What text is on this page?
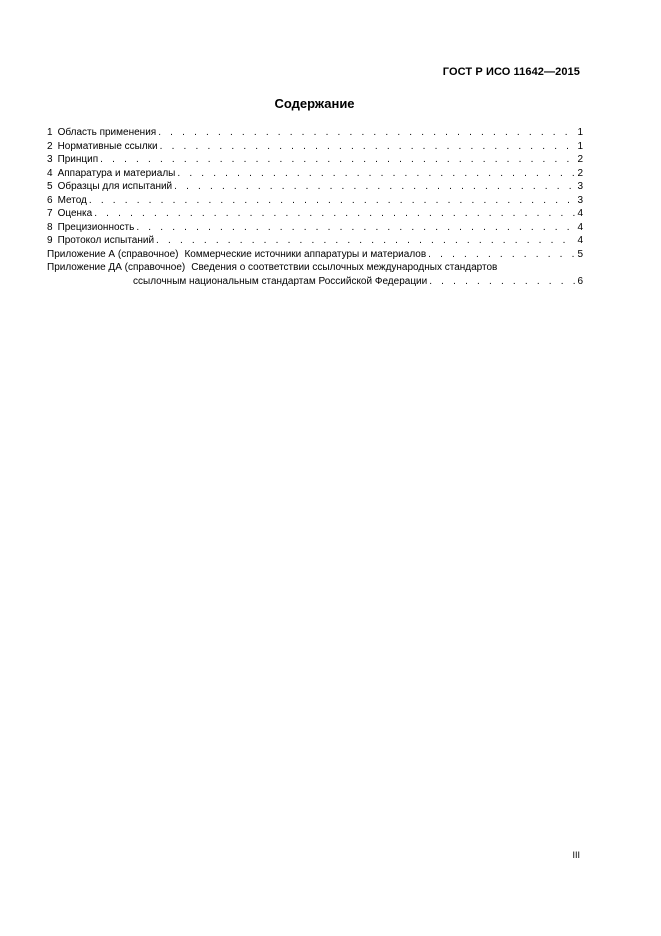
ГОСТ Р ИСО 11642—2015
Содержание
1 Область применения . . .	1
2 Нормативные ссылки . . .	1
3 Принцип . . .	2
4 Аппаратура и материалы . . .	2
5 Образцы для испытаний . . .	3
6 Метод . . .	3
7 Оценка . . .	4
8 Прецизионность . . .	4
9 Протокол испытаний . . .	4
Приложение А (справочное) Коммерческие источники аппаратуры и материалов . . .	5
Приложение ДА (справочное) Сведения о соответствии ссылочных международных стандартов
ссылочным национальным стандартам Российской Федерации . . .	6
III
